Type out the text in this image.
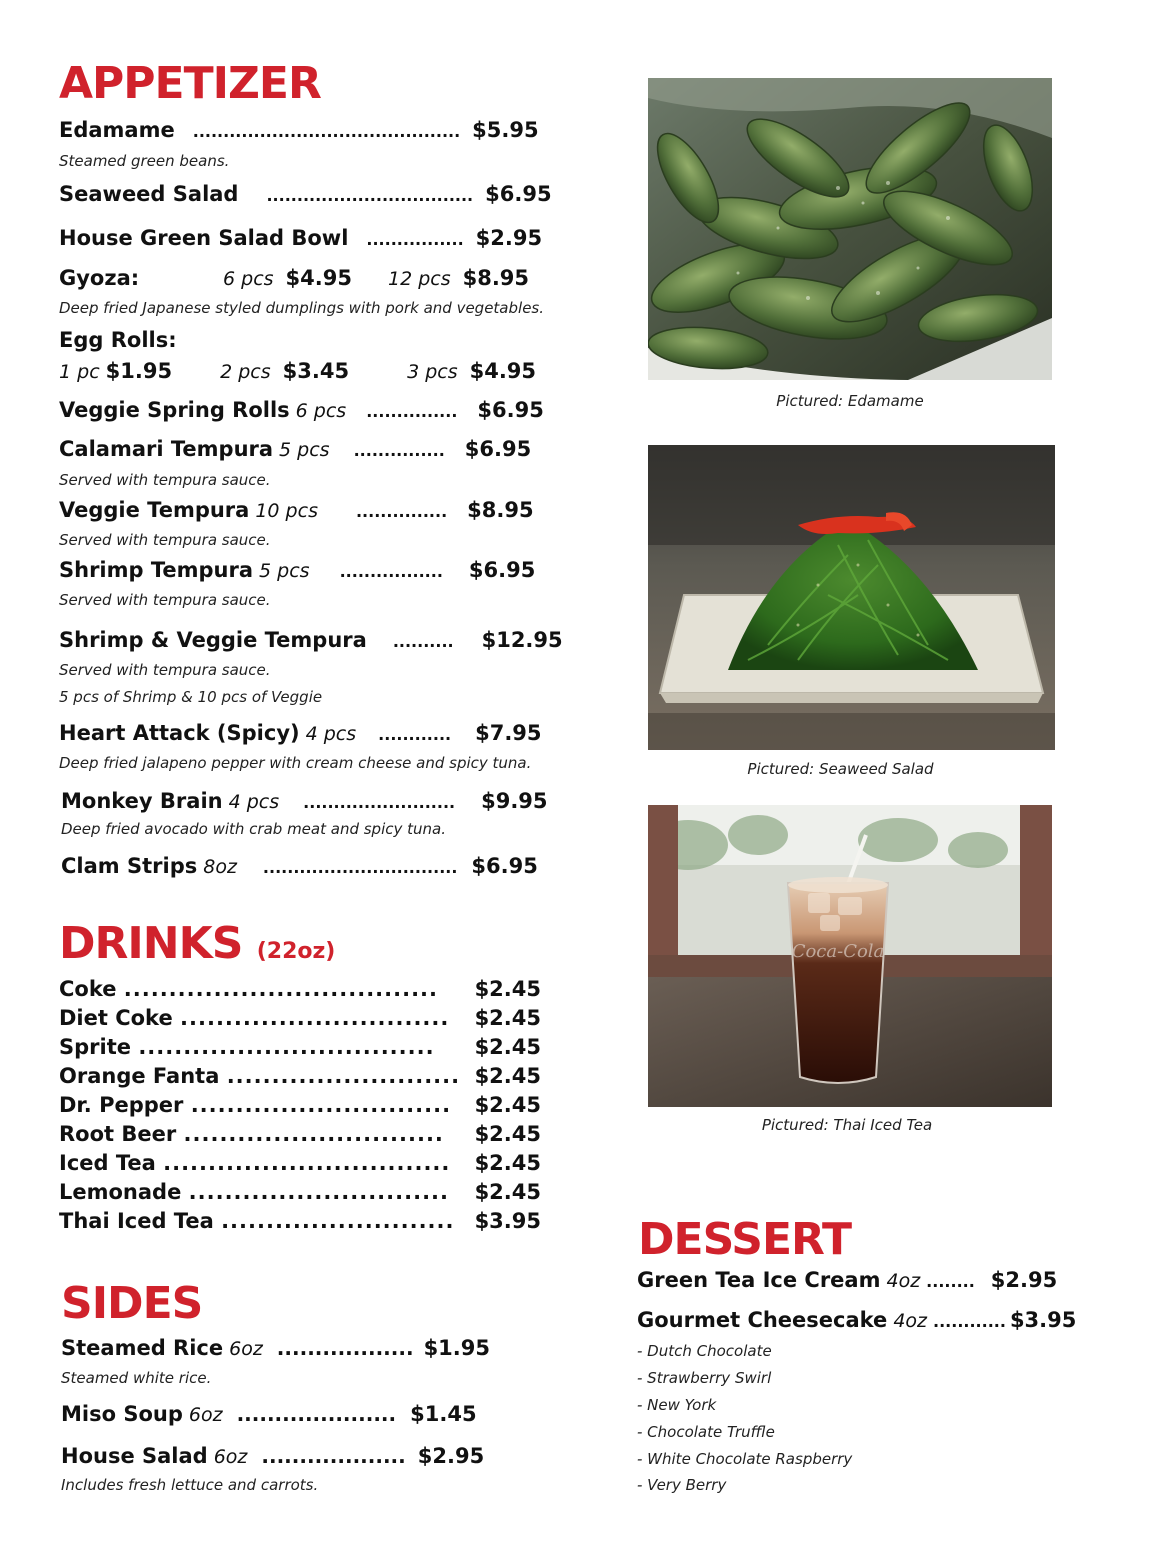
APPETIZER
Edamame ............................................ $5.95
Steamed green beans.
Seaweed Salad .................................. $6.95
House Green Salad Bowl ................ $2.95
Gyoza:	6 pcs $4.95 12 pcs $8.95
Deep fried Japanese styled dumplings with pork and vegetables.
Egg Rolls:
1 pc $1.95	2 pcs $3.45	3 pcs $4.95
Veggie Spring Rolls 6 pcs ............... $6.95
Calamari Tempura 5 pcs ............... $6.95
Served with tempura sauce.
Veggie Tempura 10 pcs ............... $8.95
Served with tempura sauce.
Shrimp Tempura 5 pcs ................. $6.95
Served with tempura sauce.
Shrimp & Veggie Tempura .......... $12.95
Served with tempura sauce.
5 pcs of Shrimp & 10 pcs of Veggie
Heart Attack (Spicy) 4 pcs ............ $7.95
Deep fried jalapeno pepper with cream cheese and spicy tuna.
Monkey Brain 4 pcs ......................... $9.95
Deep fried avocado with crab meat and spicy tuna.
Clam Strips 8oz ................................ $6.95
DRINKS (22oz)
Coke ................................... $2.45
Diet Coke .............................. $2.45
Sprite ................................. $2.45
Orange Fanta .......................... $2.45
Dr. Pepper ............................. $2.45
Root Beer ............................. $2.45
Iced Tea ................................ $2.45
Lemonade ............................. $2.45
Thai Iced Tea .......................... $3.95
SIDES
Steamed Rice 6oz .................. $1.95
Steamed white rice.
Miso Soup 6oz ..................... $1.45
House Salad 6oz ................... $2.95
Includes fresh lettuce and carrots.
Pictured: Edamame
Pictured: Seaweed Salad
Coca-Cola
Pictured: Thai Iced Tea
DESSERT
Green Tea Ice Cream 4oz ........ $2.95
Gourmet Cheesecake 4oz ............ $3.95
- Dutch Chocolate
- Strawberry Swirl
- New York
- Chocolate Truffle
- White Chocolate Raspberry
- Very Berry
